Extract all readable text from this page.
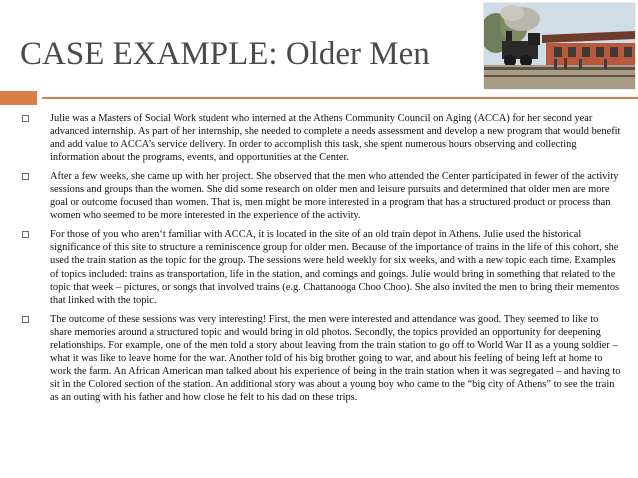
CASE EXAMPLE: Older Men
Julie was a Masters of Social Work student who interned at the Athens Community Council on Aging (ACCA) for her second year advanced internship. As part of her internship, she needed to complete a needs assessment and develop a new program that would benefit and add value to ACCA’s service delivery. In order to accomplish this task, she spent numerous hours observing and collecting information about the programs, events, and opportunities at the Center.
After a few weeks, she came up with her project. She observed that the men who attended the Center participated in fewer of the activity sessions and groups than the women. She did some research on older men and leisure pursuits and determined that older men are more goal or outcome focused than women. That is, men might be more interested in a program that has a structured product or process than women who seemed to be more interested in the experience of the activity.
For those of you who aren‘t familiar with ACCA, it is located in the site of an old train depot in Athens. Julie used the historical significance of this site to structure a reminiscence group for older men. Because of the importance of trains in the life of this cohort, she used the train station as the topic for the group. The sessions were held weekly for six weeks, and with a new topic each time. Examples of topics included: trains as transportation, life in the station, and comings and goings. Julie would bring in something that related to the topic that week – pictures, or songs that involved trains (e.g. Chattanooga Choo Choo). She also invited the men to bring their mementos that linked with the topic.
The outcome of these sessions was very interesting! First, the men were interested and attendance was good. They seemed to like to share memories around a structured topic and would bring in old photos. Secondly, the topics provided an opportunity for deepening relationships. For example, one of the men told a story about leaving from the train station to go off to World War II as a young soldier – what it was like to leave home for the war. Another told of his big brother going to war, and about his feeling of being left at home to work the farm. An African American man talked about his experience of being in the train station when it was segregated – and having to sit in the Colored section of the station. An additional story was about a young boy who came to the “big city of Athens” to see the train as an outing with his father and how close he felt to his dad on these trips.
